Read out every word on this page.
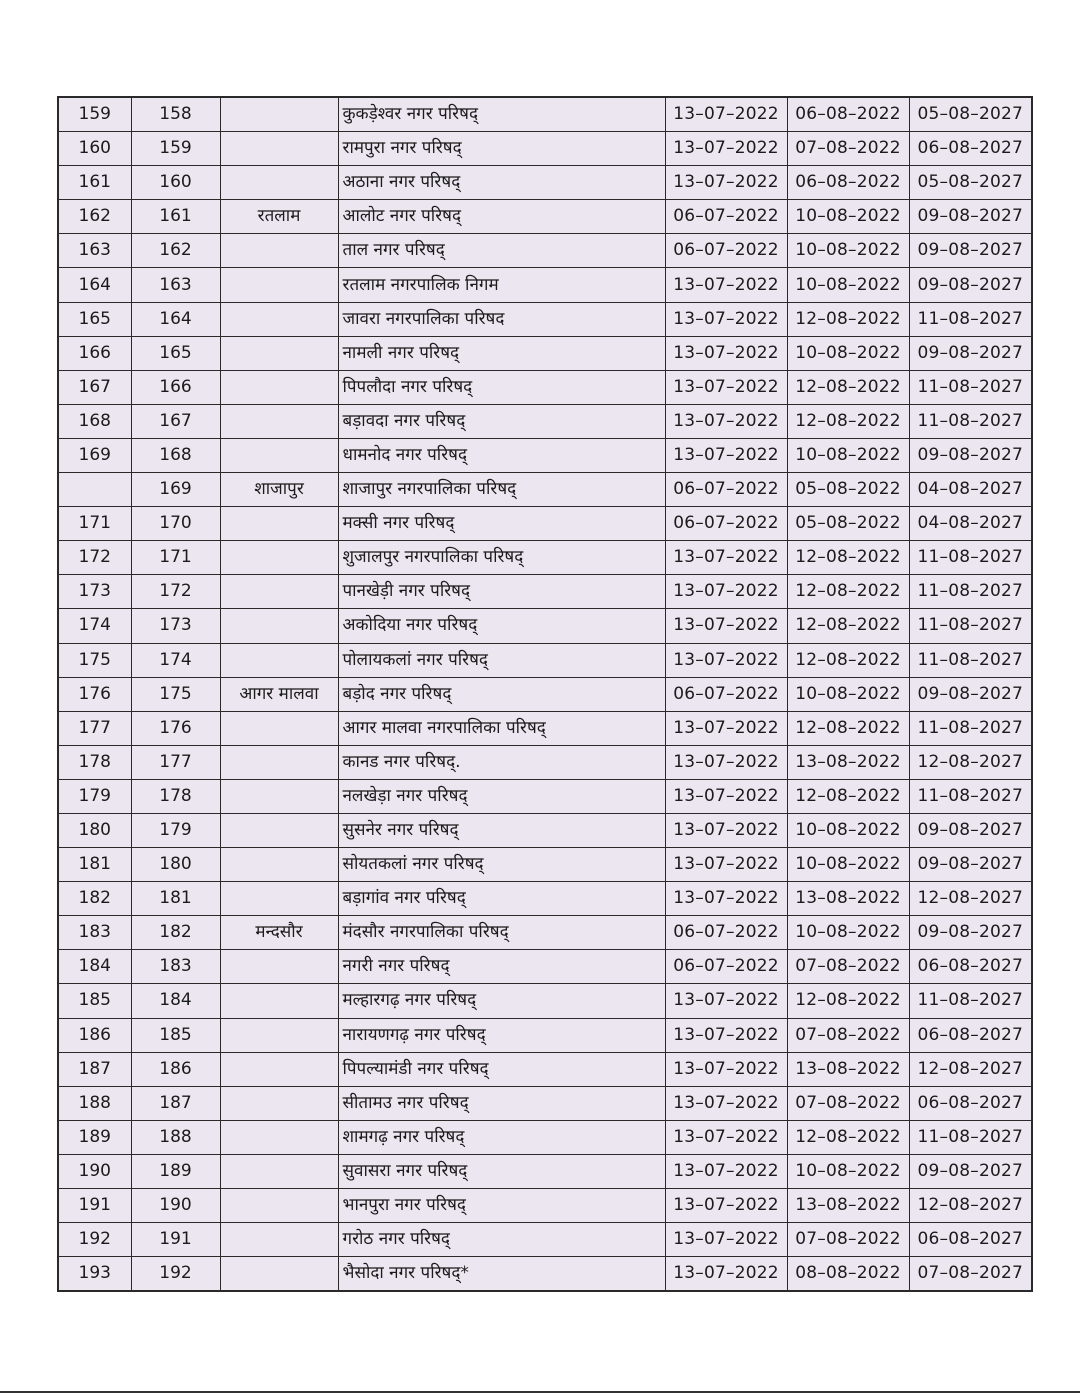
159	158		कुकड़ेश्वर नगर परिषद्	13–07–2022	06–08–2022	05–08–2027
160	159		रामपुरा नगर परिषद्	13–07–2022	07–08–2022	06–08–2027
161	160		अठाना नगर परिषद्	13–07–2022	06–08–2022	05–08–2027
162	161	रतलाम	आलोट नगर परिषद्	06–07–2022	10–08–2022	09–08–2027
163	162		ताल नगर परिषद्	06–07–2022	10–08–2022	09–08–2027
164	163		रतलाम नगरपालिक निगम	13–07–2022	10–08–2022	09–08–2027
165	164		जावरा नगरपालिका परिषद	13–07–2022	12–08–2022	11–08–2027
166	165		नामली नगर परिषद्	13–07–2022	10–08–2022	09–08–2027
167	166		पिपलौदा नगर परिषद्	13–07–2022	12–08–2022	11–08–2027
168	167		बड़ावदा नगर परिषद्	13–07–2022	12–08–2022	11–08–2027
169	168		धामनोद नगर परिषद्	13–07–2022	10–08–2022	09–08–2027
	169	शाजापुर	शाजापुर नगरपालिका परिषद्	06–07–2022	05–08–2022	04–08–2027
171	170		मक्सी नगर परिषद्	06–07–2022	05–08–2022	04–08–2027
172	171		शुजालपुर नगरपालिका परिषद्	13–07–2022	12–08–2022	11–08–2027
173	172		पानखेड़ी नगर परिषद्	13–07–2022	12–08–2022	11–08–2027
174	173		अकोदिया नगर परिषद्	13–07–2022	12–08–2022	11–08–2027
175	174		पोलायकलां नगर परिषद्	13–07–2022	12–08–2022	11–08–2027
176	175	आगर मालवा	बड़ोद नगर परिषद्	06–07–2022	10–08–2022	09–08–2027
177	176		आगर मालवा नगरपालिका परिषद्	13–07–2022	12–08–2022	11–08–2027
178	177		कानड नगर परिषद्.	13–07–2022	13–08–2022	12–08–2027
179	178		नलखेड़ा नगर परिषद्	13–07–2022	12–08–2022	11–08–2027
180	179		सुसनेर नगर परिषद्	13–07–2022	10–08–2022	09–08–2027
181	180		सोयतकलां नगर परिषद्	13–07–2022	10–08–2022	09–08–2027
182	181		बड़ागांव नगर परिषद्	13–07–2022	13–08–2022	12–08–2027
183	182	मन्दसौर	मंदसौर नगरपालिका परिषद्	06–07–2022	10–08–2022	09–08–2027
184	183		नगरी नगर परिषद्	06–07–2022	07–08–2022	06–08–2027
185	184		मल्हारगढ़ नगर परिषद्	13–07–2022	12–08–2022	11–08–2027
186	185		नारायणगढ़ नगर परिषद्	13–07–2022	07–08–2022	06–08–2027
187	186		पिपल्यामंडी नगर परिषद्	13–07–2022	13–08–2022	12–08–2027
188	187		सीतामउ नगर परिषद्	13–07–2022	07–08–2022	06–08–2027
189	188		शामगढ़ नगर परिषद्	13–07–2022	12–08–2022	11–08–2027
190	189		सुवासरा नगर परिषद्	13–07–2022	10–08–2022	09–08–2027
191	190		भानपुरा नगर परिषद्	13–07–2022	13–08–2022	12–08–2027
192	191		गरोठ नगर परिषद्	13–07–2022	07–08–2022	06–08–2027
193	192		भैसोदा नगर परिषद्*	13–07–2022	08–08–2022	07–08–2027
